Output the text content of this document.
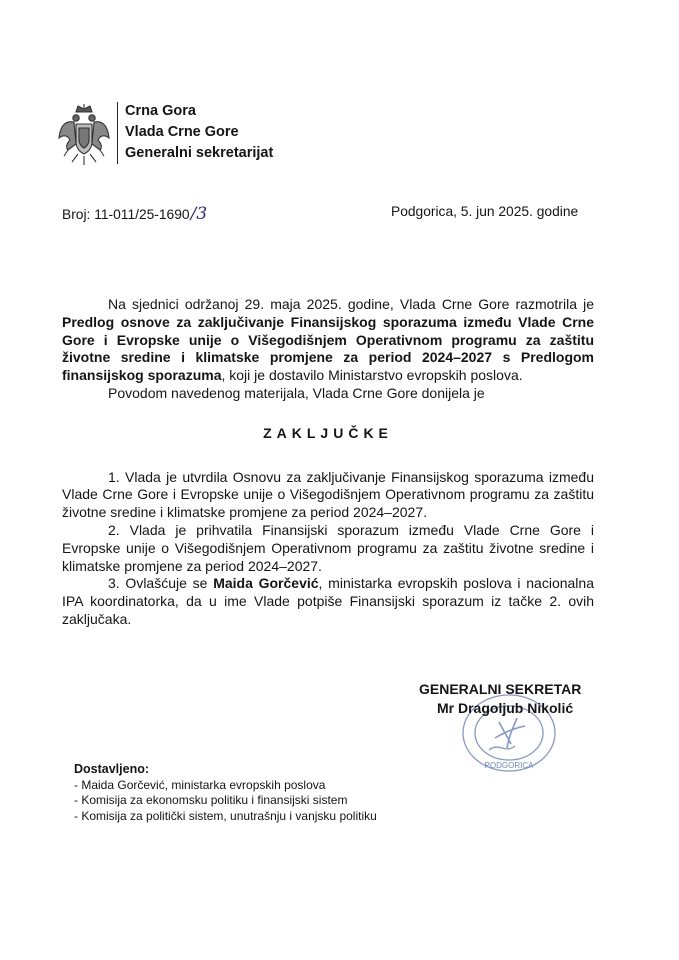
Crna Gora
Vlada Crne Gore
Generalni sekretarijat
Broj: 11-011/25-1690/3	Podgorica, 5. jun 2025. godine

Na sjednici održanoj 29. maja 2025. godine, Vlada Crne Gore razmotrila je Predlog osnove za zaključivanje Finansijskog sporazuma između Vlade Crne Gore i Evropske unije o Višegodišnjem Operativnom programu za zaštitu životne sredine i klimatske promjene za period 2024–2027 s Predlogom finansijskog sporazuma, koji je dostavilo Ministarstvo evropskih poslova.

Povodom navedenog materijala, Vlada Crne Gore donijela je

ZAKLJUČKE

1. Vlada je utvrdila Osnovu za zaključivanje Finansijskog sporazuma između Vlade Crne Gore i Evropske unije o Višegodišnjem Operativnom programu za zaštitu životne sredine i klimatske promjene za period 2024–2027.

2. Vlada je prihvatila Finansijski sporazum između Vlade Crne Gore i Evropske unije o Višegodišnjem Operativnom programu za zaštitu životne sredine i klimatske promjene za period 2024–2027.

3. Ovlašćuje se Maida Gorčević, ministarka evropskih poslova i nacionalna IPA koordinatorka, da u ime Vlade potpiše Finansijski sporazum iz tačke 2. ovih zaključaka.

PODGORICA
GENERALNI SEKRETAR
Mr Dragoljub Nikolić
Dostavljeno:
- Maida Gorčević, ministarka evropskih poslova
- Komisija za ekonomsku politiku i finansijski sistem
- Komisija za politički sistem, unutrašnju i vanjsku politiku
